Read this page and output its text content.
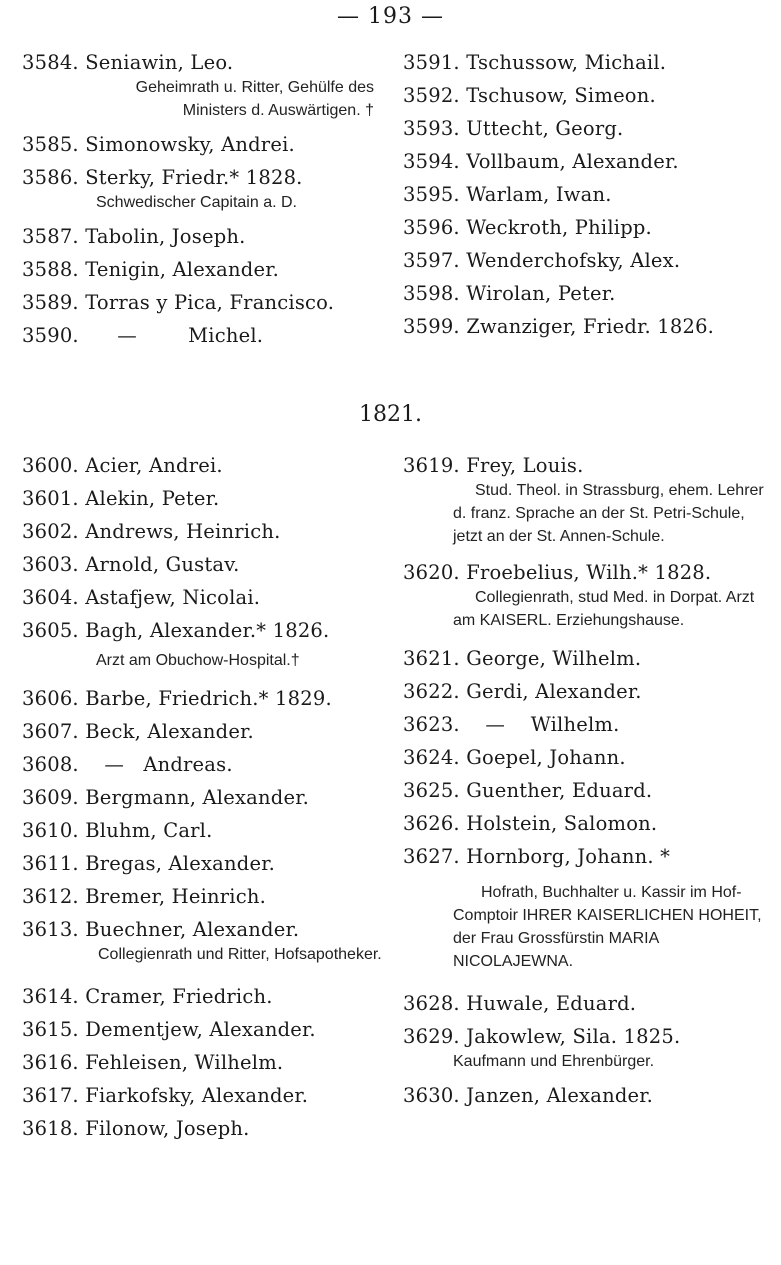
— 193 —
3584. Seniawin, Leo.
Geheimrath u. Ritter, Gehülfe des Ministers d. Auswärtigen. †
3585. Simonowsky, Andrei.
3586. Sterky, Friedr.* 1828.
Schwedischer Capitain a. D.
3587. Tabolin, Joseph.
3588. Tenigin, Alexander.
3589. Torras y Pica, Francisco.
3590.      —        Michel.
3591. Tschussow, Michail.
3592. Tschusow, Simeon.
3593. Uttecht, Georg.
3594. Vollbaum, Alexander.
3595. Warlam, Iwan.
3596. Weckroth, Philipp.
3597. Wenderchofsky, Alex.
3598. Wirolan, Peter.
3599. Zwanziger, Friedr. 1826.
1821.
3600. Acier, Andrei.
3601. Alekin, Peter.
3602. Andrews, Heinrich.
3603. Arnold, Gustav.
3604. Astafjew, Nicolai.
3605. Bagh, Alexander.* 1826.
Arzt am Obuchow-Hospital.†
3606. Barbe, Friedrich.* 1829.
3607. Beck, Alexander.
3608.    —   Andreas.
3609. Bergmann, Alexander.
3610. Bluhm, Carl.
3611. Bregas, Alexander.
3612. Bremer, Heinrich.
3613. Buechner, Alexander.
Collegienrath und Ritter, Hofsapotheker.
3614. Cramer, Friedrich.
3615. Dementjew, Alexander.
3616. Fehleisen, Wilhelm.
3617. Fiarkofsky, Alexander.
3618. Filonow, Joseph.
3619. Frey, Louis.
Stud. Theol. in Strassburg, ehem. Lehrer d. franz. Sprache an der St. Petri-Schule, jetzt an der St. Annen-Schule.
3620. Froebelius, Wilh.* 1828.
Collegienrath, stud Med. in Dorpat. Arzt am KAISERL. Erziehungshause.
3621. George, Wilhelm.
3622. Gerdi, Alexander.
3623.    —    Wilhelm.
3624. Goepel, Johann.
3625. Guenther, Eduard.
3626. Holstein, Salomon.
3627. Hornborg, Johann. *
Hofrath, Buchhalter u. Kassir im Hof-Comptoir IHRER KAISERLICHEN HOHEIT, der Frau Grossfürstin MARIA NICOLAJEWNA.
3628. Huwale, Eduard.
3629. Jakowlew, Sila. 1825.
Kaufmann und Ehrenbürger.
3630. Janzen, Alexander.
